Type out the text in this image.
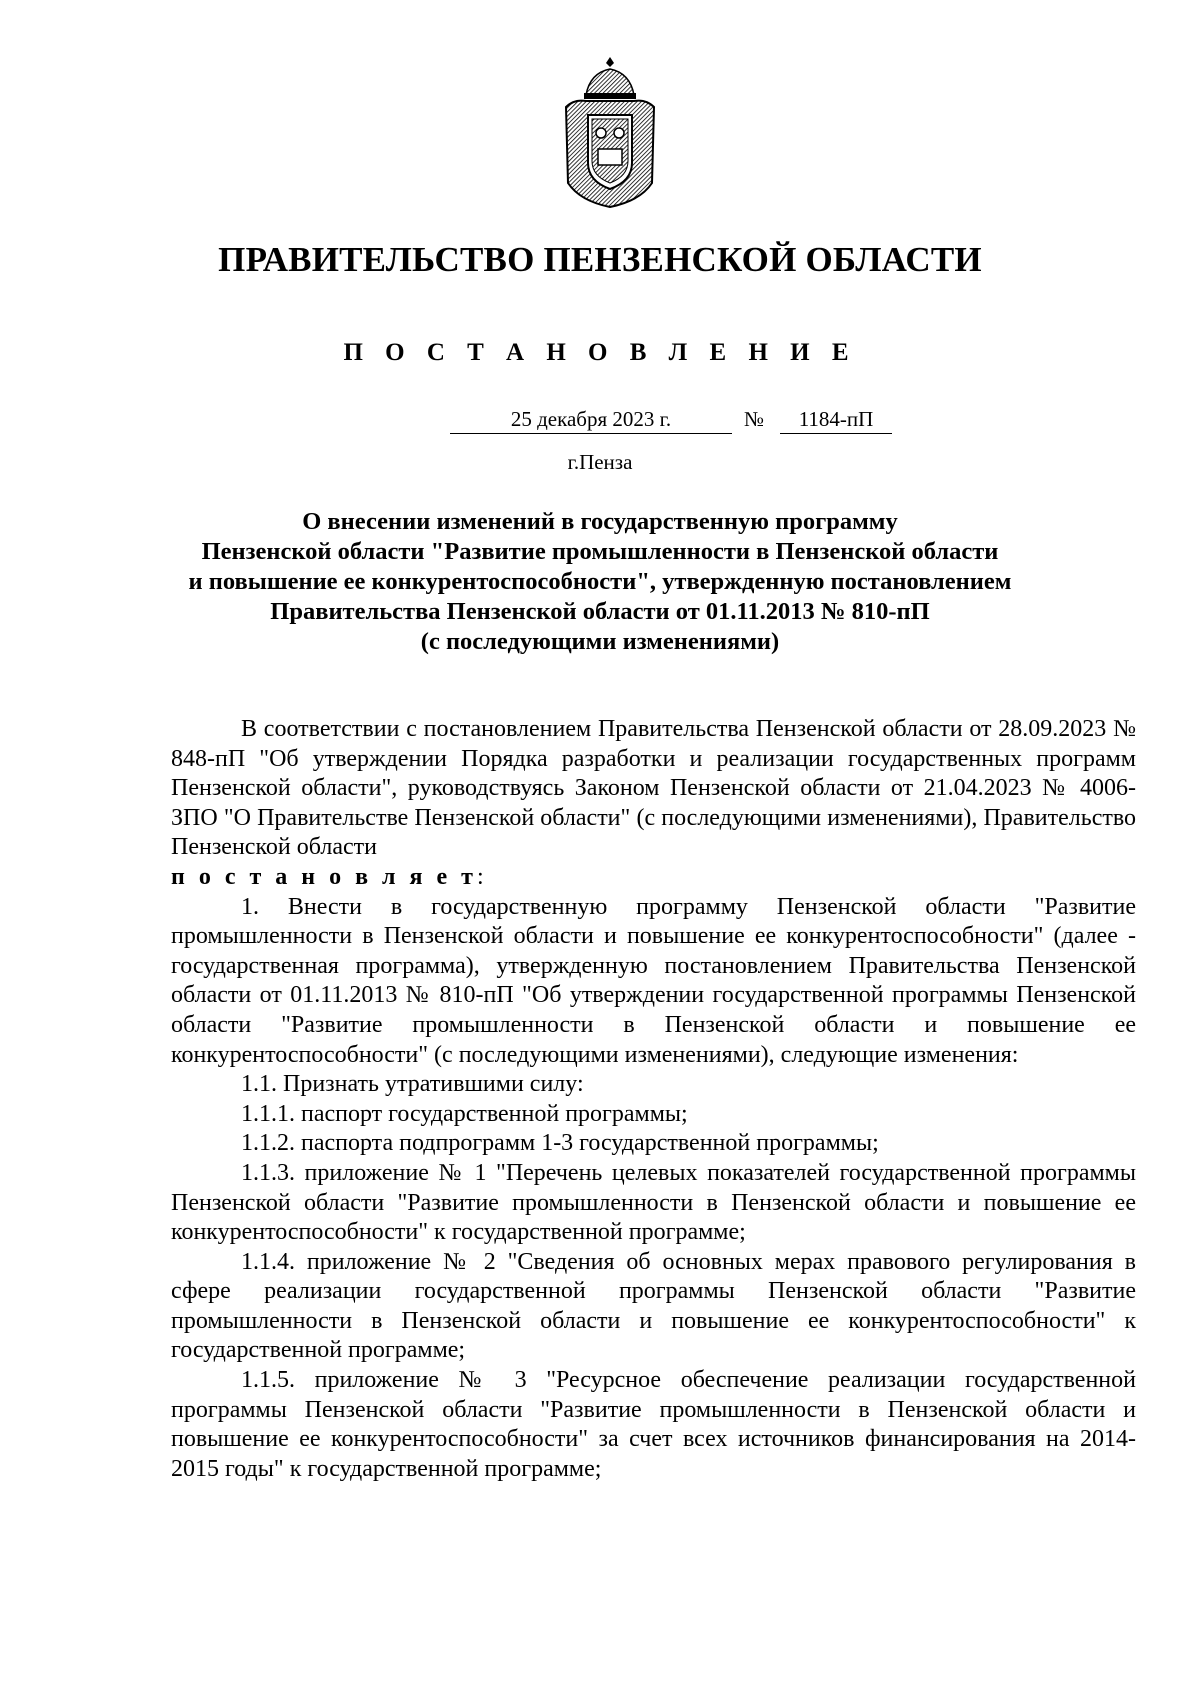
ПРАВИТЕЛЬСТВО ПЕНЗЕНСКОЙ ОБЛАСТИ
П О С Т А Н О В Л Е Н И Е
25 декабря 2023 г.	№	1184-пП
г.Пенза
О внесении изменений в государственную программу
Пензенской области "Развитие промышленности в Пензенской области
и повышение ее конкурентоспособности", утвержденную постановлением
Правительства Пензенской области от 01.11.2013 № 810-пП
(с последующими изменениями)

В соответствии с постановлением Правительства Пензенской области от 28.09.2023 № 848-пП "Об утверждении Порядка разработки и реализации государственных программ Пензенской области", руководствуясь Законом Пензенской области от 21.04.2023 № 4006-ЗПО "О Правительстве Пензенской области" (с последующими изменениями), Правительство Пензенской области

п о с т а н о в л я е т:

1. Внести в государственную программу Пензенской области "Развитие промышленности в Пензенской области и повышение ее конкурентоспособности" (далее - государственная программа), утвержденную постановлением Правительства Пензенской области от 01.11.2013 № 810-пП "Об утверждении государственной программы Пензенской области "Развитие промышленности в Пензенской области и повышение ее конкурентоспособности" (с последующими изменениями), следующие изменения:

1.1. Признать утратившими силу:

1.1.1. паспорт государственной программы;

1.1.2. паспорта подпрограмм 1-3 государственной программы;

1.1.3. приложение № 1 "Перечень целевых показателей государственной программы Пензенской области "Развитие промышленности в Пензенской области и повышение ее конкурентоспособности" к государственной программе;

1.1.4. приложение № 2 "Сведения об основных мерах правового регулирования в сфере реализации государственной программы Пензенской области "Развитие промышленности в Пензенской области и повышение ее конкурентоспособности" к государственной программе;

1.1.5. приложение № 3 "Ресурсное обеспечение реализации государственной программы Пензенской области "Развитие промышленности в Пензенской области и повышение ее конкурентоспособности" за счет всех источников финансирования на 2014-2015 годы" к государственной программе;
